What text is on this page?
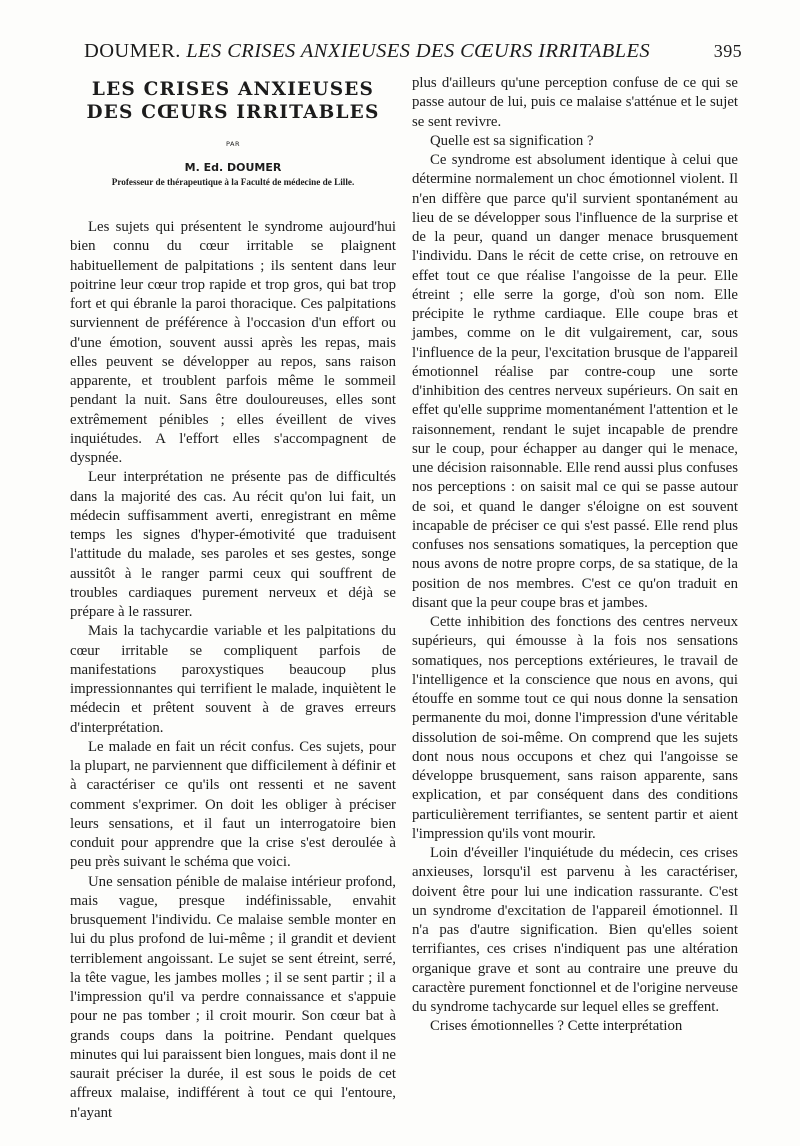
DOUMER. LES CRISES ANXIEUSES DES CŒURS IRRITABLES	395
LES CRISES ANXIEUSES
DES CŒURS IRRITABLES
PAR
M. Ed. DOUMER
Professeur de thérapeutique à la Faculté de médecine de Lille.

Les sujets qui présentent le syndrome aujourd'hui bien connu du cœur irritable se plaignent habituellement de palpitations ; ils sentent dans leur poitrine leur cœur trop rapide et trop gros, qui bat trop fort et qui ébranle la paroi thoracique. Ces palpitations surviennent de préférence à l'occasion d'un effort ou d'une émotion, souvent aussi après les repas, mais elles peuvent se développer au repos, sans raison apparente, et troublent parfois même le sommeil pendant la nuit. Sans être douloureuses, elles sont extrêmement pénibles ; elles éveillent de vives inquiétudes. A l'effort elles s'accompagnent de dyspnée.

Leur interprétation ne présente pas de difficultés dans la majorité des cas. Au récit qu'on lui fait, un médecin suffisamment averti, enregistrant en même temps les signes d'hyper-émotivité que traduisent l'attitude du malade, ses paroles et ses gestes, songe aussitôt à le ranger parmi ceux qui souffrent de troubles cardiaques purement nerveux et déjà se prépare à le rassurer.

Mais la tachycardie variable et les palpitations du cœur irritable se compliquent parfois de manifestations paroxystiques beaucoup plus impressionnantes qui terrifient le malade, inquiètent le médecin et prêtent souvent à de graves erreurs d'interprétation.

Le malade en fait un récit confus. Ces sujets, pour la plupart, ne parviennent que difficilement à définir et à caractériser ce qu'ils ont ressenti et ne savent comment s'exprimer. On doit les obliger à préciser leurs sensations, et il faut un interrogatoire bien conduit pour apprendre que la crise s'est deroulée à peu près suivant le schéma que voici.

Une sensation pénible de malaise intérieur profond, mais vague, presque indéfinissable, envahit brusquement l'individu. Ce malaise semble monter en lui du plus profond de lui-même ; il grandit et devient terriblement angoissant. Le sujet se sent étreint, serré, la tête vague, les jambes molles ; il se sent partir ; il a l'impression qu'il va perdre connaissance et s'appuie pour ne pas tomber ; il croit mourir. Son cœur bat à grands coups dans la poitrine. Pendant quelques minutes qui lui paraissent bien longues, mais dont il ne saurait préciser la durée, il est sous le poids de cet affreux malaise, indifférent à tout ce qui l'entoure, n'ayant

plus d'ailleurs qu'une perception confuse de ce qui se passe autour de lui, puis ce malaise s'atténue et le sujet se sent revivre.

Quelle est sa signification ?

Ce syndrome est absolument identique à celui que détermine normalement un choc émotionnel violent. Il n'en diffère que parce qu'il survient spontanément au lieu de se développer sous l'influence de la surprise et de la peur, quand un danger menace brusquement l'individu. Dans le récit de cette crise, on retrouve en effet tout ce que réalise l'angoisse de la peur. Elle étreint ; elle serre la gorge, d'où son nom. Elle précipite le rythme cardiaque. Elle coupe bras et jambes, comme on le dit vulgairement, car, sous l'influence de la peur, l'excitation brusque de l'appareil émotionnel réalise par contre-coup une sorte d'inhibition des centres nerveux supérieurs. On sait en effet qu'elle supprime momentanément l'attention et le raisonnement, rendant le sujet incapable de prendre sur le coup, pour échapper au danger qui le menace, une décision raisonnable. Elle rend aussi plus confuses nos perceptions : on saisit mal ce qui se passe autour de soi, et quand le danger s'éloigne on est souvent incapable de préciser ce qui s'est passé. Elle rend plus confuses nos sensations somatiques, la perception que nous avons de notre propre corps, de sa statique, de la position de nos membres. C'est ce qu'on traduit en disant que la peur coupe bras et jambes.

Cette inhibition des fonctions des centres nerveux supérieurs, qui émousse à la fois nos sensations somatiques, nos perceptions extérieures, le travail de l'intelligence et la conscience que nous en avons, qui étouffe en somme tout ce qui nous donne la sensation permanente du moi, donne l'impression d'une véritable dissolution de soi-même. On comprend que les sujets dont nous nous occupons et chez qui l'angoisse se développe brusquement, sans raison apparente, sans explication, et par conséquent dans des conditions particulièrement terrifiantes, se sentent partir et aient l'impression qu'ils vont mourir.

Loin d'éveiller l'inquiétude du médecin, ces crises anxieuses, lorsqu'il est parvenu à les caractériser, doivent être pour lui une indication rassurante. C'est un syndrome d'excitation de l'appareil émotionnel. Il n'a pas d'autre signification. Bien qu'elles soient terrifiantes, ces crises n'indiquent pas une altération organique grave et sont au contraire une preuve du caractère purement fonctionnel et de l'origine nerveuse du syndrome tachycarde sur lequel elles se greffent.

Crises émotionnelles ? Cette interprétation
